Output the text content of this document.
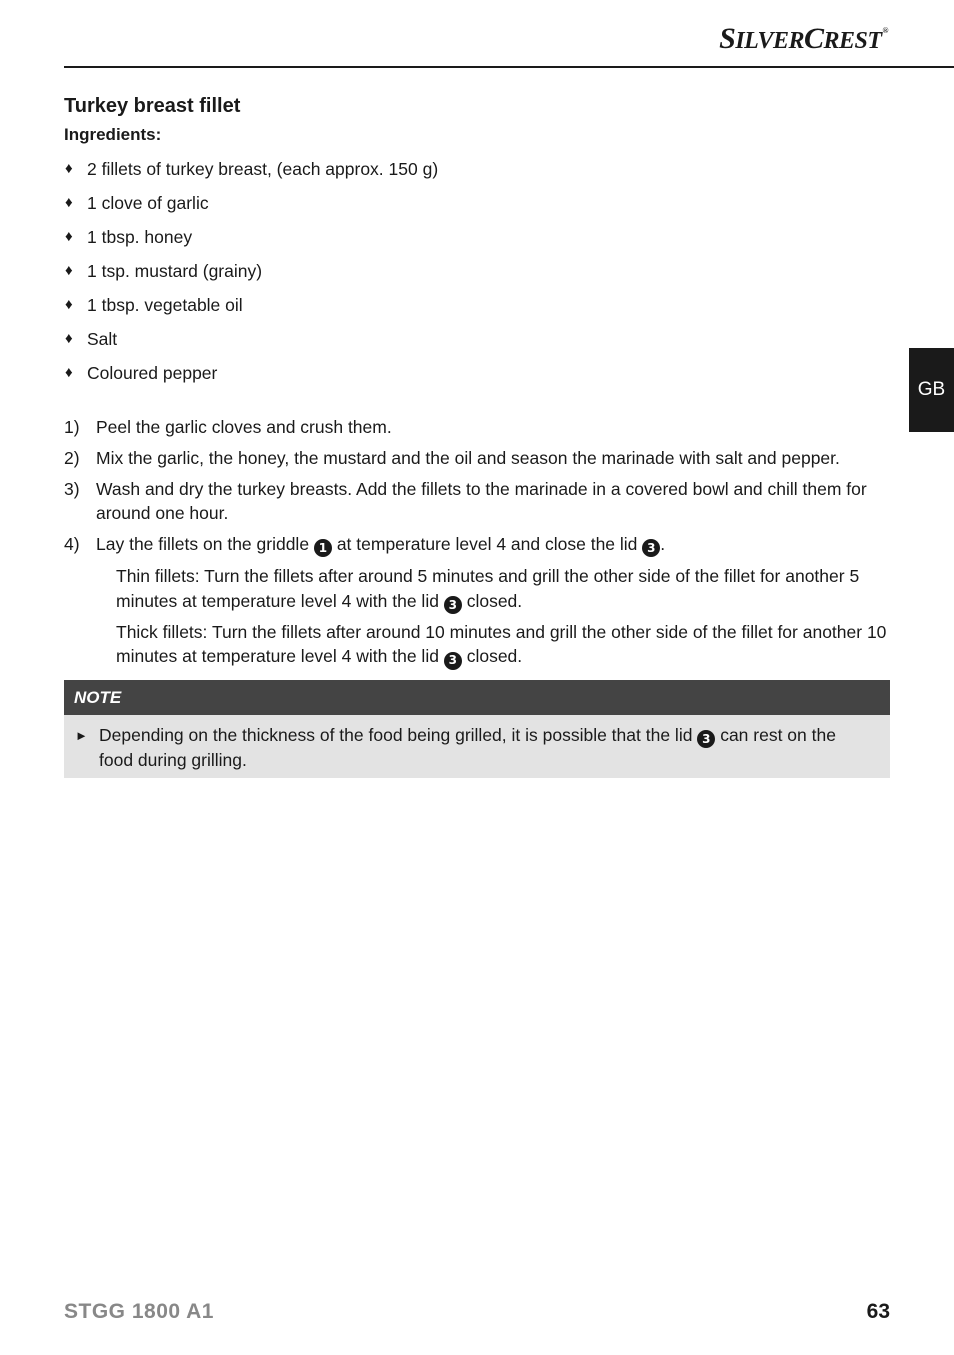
SILVERCREST®
GB
Turkey breast fillet
Ingredients:
♦ 2 fillets of turkey breast, (each approx. 150 g)
♦ 1 clove of garlic
♦ 1 tbsp. honey
♦ 1 tsp. mustard (grainy)
♦ 1 tbsp. vegetable oil
♦ Salt
♦ Coloured pepper
1) Peel the garlic cloves and crush them.
2) Mix the garlic, the honey, the mustard and the oil and season the marinade with salt and pepper.
3) Wash and dry the turkey breasts. Add the fillets to the marinade in a covered bowl and chill them for around one hour.
4) Lay the fillets on the griddle 1 at temperature level 4 and close the lid 3 .

Thin fillets: Turn the fillets after around 5 minutes and grill the other side of the fillet for another 5 minutes at temperature level 4 with the lid 3 closed.

Thick fillets: Turn the fillets after around 10 minutes and grill the other side of the fillet for another 10 minutes at temperature level 4 with the lid 3 closed.

NOTE
► Depending on the thickness of the food being grilled, it is possible that the lid 3 can rest on the food during grilling.
STGG 1800 A1	63
